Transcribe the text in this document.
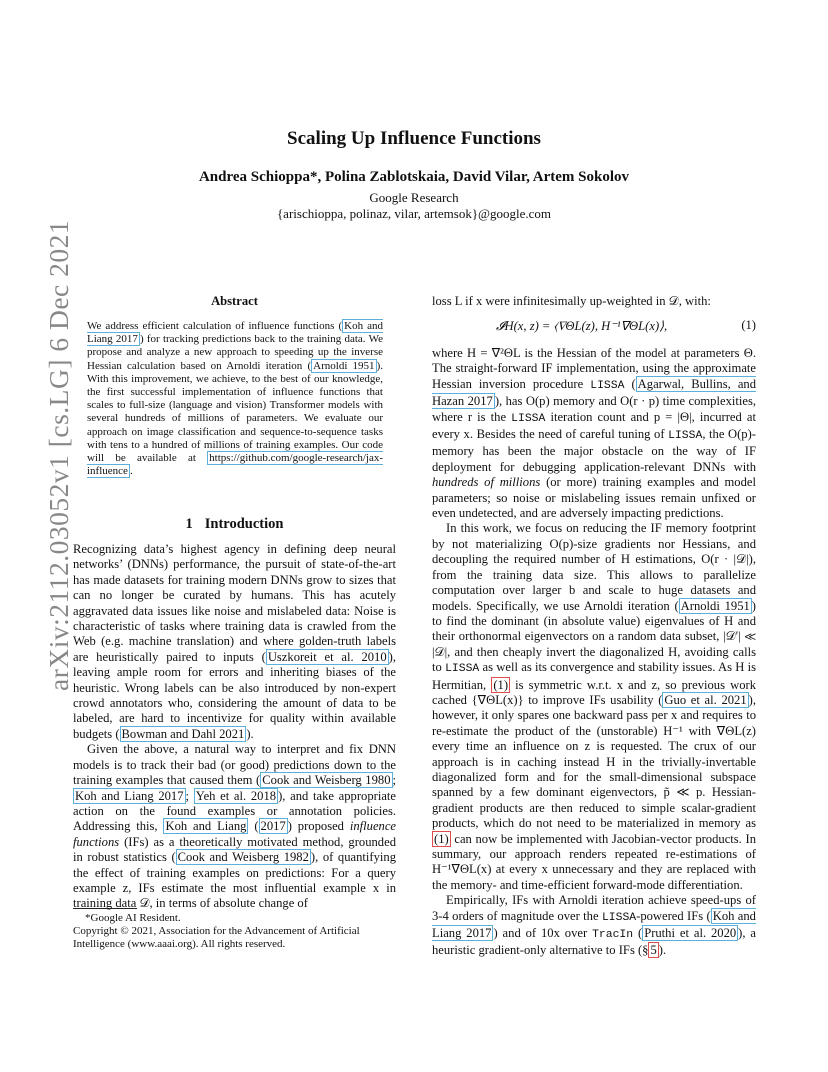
arXiv:2112.03052v1 [cs.LG] 6 Dec 2021
Scaling Up Influence Functions
Andrea Schioppa*, Polina Zablotskaia, David Vilar, Artem Sokolov
Google Research
{arischioppa, polinaz, vilar, artemsok}@google.com
Abstract
We address efficient calculation of influence functions ( Koh and Liang 2017 ) for tracking predictions back to the training data. We propose and analyze a new approach to speeding up the inverse Hessian calculation based on Arnoldi iteration ( Arnoldi 1951 ). With this improvement, we achieve, to the best of our knowledge, the first successful implementation of influence functions that scales to full-size (language and vision) Transformer models with several hundreds of millions of parameters. We evaluate our approach on image classification and sequence-to-sequence tasks with tens to a hundred of millions of training examples. Our code will be available at https://github.com/google-research/jax-influence .
1 Introduction

Recognizing data’s highest agency in defining deep neural networks’ (DNNs) performance, the pursuit of state-of-the-art has made datasets for training modern DNNs grow to sizes that can no longer be curated by humans. This has acutely aggravated data issues like noise and mislabeled data: Noise is characteristic of tasks where training data is crawled from the Web (e.g. machine translation) and where golden-truth labels are heuristically paired to inputs ( Uszkoreit et al. 2010 ), leaving ample room for errors and inheriting biases of the heuristic. Wrong labels can be also introduced by non-expert crowd annotators who, considering the amount of data to be labeled, are hard to incentivize for quality within available budgets ( Bowman and Dahl 2021 ).

Given the above, a natural way to interpret and fix DNN models is to track their bad (or good) predictions down to the training examples that caused them ( Cook and Weisberg 1980 ; Koh and Liang 2017 ; Yeh et al. 2018 ), and take appropriate action on the found examples or annotation policies. Addressing this, Koh and Liang ( 2017 ) proposed influence functions (IFs) as a theoretically motivated method, grounded in robust statistics ( Cook and Weisberg 1982 ), of quantifying the effect of training examples on predictions: For a query example z, IFs estimate the most influential example x in training data 𝒟, in terms of absolute change of

*Google AI Resident.
Copyright © 2021, Association for the Advancement of Artificial Intelligence (www.aaai.org). All rights reserved.
loss L if x were infinitesimally up-weighted in 𝒟, with:
𝓘H(x, z) = ⟨∇ΘL(z), H⁻¹∇ΘL(x)⟩,	(1)

where H = ∇²ΘL is the Hessian of the model at parameters Θ. The straight-forward IF implementation, using the approximate Hessian inversion procedure LISSA ( Agarwal, Bullins, and Hazan 2017 ), has O(p) memory and O(r · p) time complexities, where r is the LISSA iteration count and p = |Θ|, incurred at every x. Besides the need of careful tuning of LISSA, the O(p)-memory has been the major obstacle on the way of IF deployment for debugging application-relevant DNNs with hundreds of millions (or more) training examples and model parameters; so noise or mislabeling issues remain unfixed or even undetected, and are adversely impacting predictions.

In this work, we focus on reducing the IF memory footprint by not materializing O(p)-size gradients nor Hessians, and decoupling the required number of H estimations, O(r · |𝒟|), from the training data size. This allows to parallelize computation over larger b and scale to huge datasets and models. Specifically, we use Arnoldi iteration ( Arnoldi 1951 ) to find the dominant (in absolute value) eigenvalues of H and their orthonormal eigenvectors on a random data subset, |𝒟′| ≪ |𝒟|, and then cheaply invert the diagonalized H, avoiding calls to LISSA as well as its convergence and stability issues. As H is Hermitian, (1) is symmetric w.r.t. x and z, so previous work cached {∇ΘL(x)} to improve IFs usability ( Guo et al. 2021 ), however, it only spares one backward pass per x and requires to re-estimate the product of the (unstorable) H⁻¹ with ∇ΘL(z) every time an influence on z is requested. The crux of our approach is in caching instead H in the trivially-invertable diagonalized form and for the small-dimensional subspace spanned by a few dominant eigenvectors, p̃ ≪ p. Hessian-gradient products are then reduced to simple scalar-gradient products, which do not need to be materialized in memory as (1) can now be implemented with Jacobian-vector products. In summary, our approach renders repeated re-estimations of H⁻¹∇ΘL(x) at every x unnecessary and they are replaced with the memory- and time-efficient forward-mode differentiation.

Empirically, IFs with Arnoldi iteration achieve speed-ups of 3-4 orders of magnitude over the LISSA-powered IFs ( Koh and Liang 2017 ) and of 10x over TracIn ( Pruthi et al. 2020 ), a heuristic gradient-only alternative to IFs (§ 5 ).
